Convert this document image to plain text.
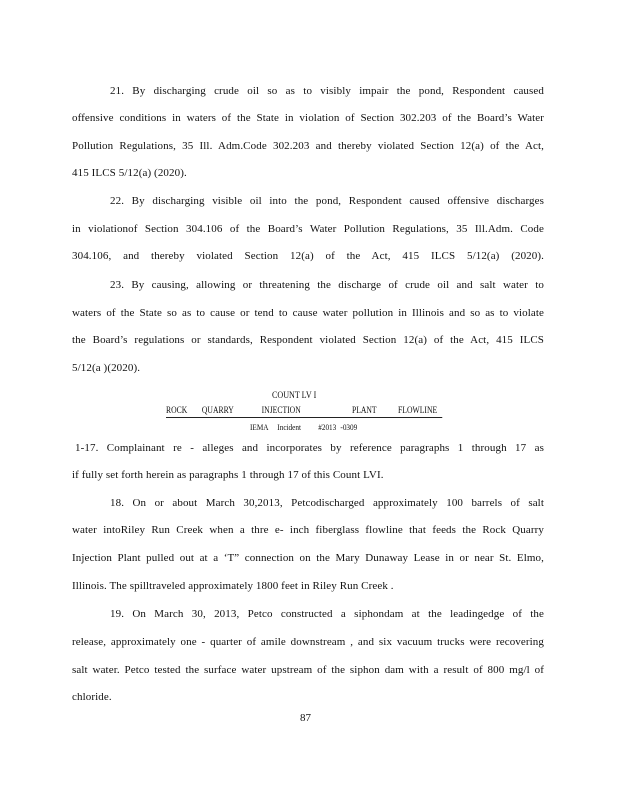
21. By discharging crude oil so as to visibly impair the pond, Respondent caused
offensive conditions in waters of the State in violation of Section 302.203 of the Board’s Water
Pollution Regulations, 35 Ill. Adm.Code 302.203 and thereby violated Section 12(a) of the Act,
415 ILCS 5/12(a) (2020).
22. By discharging visible oil into the pond, Respondent caused offensive discharges
in violationof Section 304.106 of the Board’s Water Pollution Regulations, 35 Ill.Adm. Code
304.106, and thereby violated Section 12(a) of the Act, 415 ILCS 5/12(a) (2020).
23. By causing, allowing or threatening the discharge of crude oil and salt water to
waters of the State so as to cause or tend to cause water pollution in Illinois and so as to violate
the Board’s regulations or standards, Respondent violated Section 12(a) of the Act, 415 ILCS
5/12(a )(2020).
COUNT LV I
ROCK QUARRY	INJECTION	PLANT FLOWLINE
IEMA Incident #2013 -0309
1-17. Complainant re - alleges and incorporates by reference paragraphs 1 through 17 as
if fully set forth herein as paragraphs 1 through 17 of this Count LVI.
18. On or about March 30,2013, Petcodischarged approximately 100 barrels of salt
water intoRiley Run Creek when a thre e- inch fiberglass flowline that feeds the Rock Quarry
Injection Plant pulled out at a ‘T” connection on the Mary Dunaway Lease in or near St. Elmo,
Illinois. The spilltraveled approximately 1800 feet in Riley Run Creek .
19. On March 30, 2013, Petco constructed a siphondam at the leadingedge of the
release, approximately one - quarter of amile downstream , and six vacuum trucks were recovering
salt water. Petco tested the surface water upstream of the siphon dam with a result of 800 mg/l of
chloride.
87
